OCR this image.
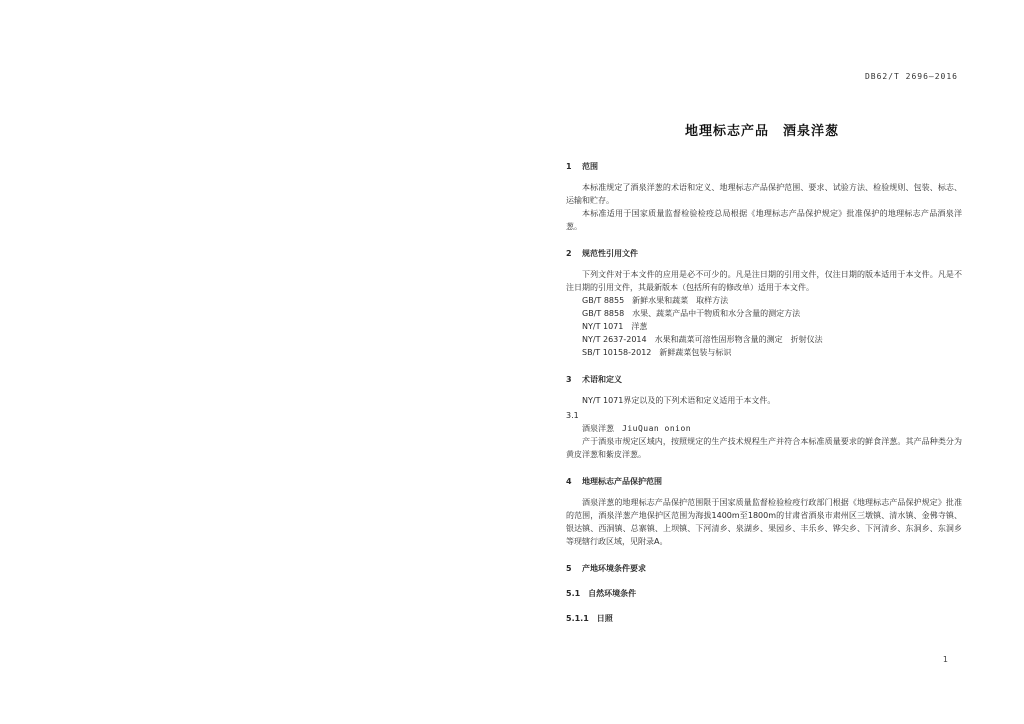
DB62/T 2696—2016
地理标志产品 酒泉洋葱
1 范围
本标准规定了酒泉洋葱的术语和定义、地理标志产品保护范围、要求、试验方法、检验规则、包装、标志、运输和贮存。
本标准适用于国家质量监督检验检疫总局根据《地理标志产品保护规定》批准保护的地理标志产品酒泉洋葱。
2 规范性引用文件
下列文件对于本文件的应用是必不可少的。凡是注日期的引用文件，仅注日期的版本适用于本文件。凡是不注日期的引用文件，其最新版本（包括所有的修改单）适用于本文件。
GB/T 8855 新鲜水果和蔬菜　取样方法
GB/T 8858 水果、蔬菜产品中干物质和水分含量的测定方法
NY/T 1071 洋葱
NY/T 2637-2014 水果和蔬菜可溶性固形物含量的测定　折射仪法
SB/T 10158-2012 新鲜蔬菜包装与标识
3 术语和定义
NY/T 1071界定以及的下列术语和定义适用于本文件。
3.1
酒泉洋葱 JiuQuan onion
产于酒泉市规定区域内，按照规定的生产技术规程生产并符合本标准质量要求的鲜食洋葱。其产品种类分为黄皮洋葱和紫皮洋葱。
4 地理标志产品保护范围
酒泉洋葱的地理标志产品保护范围限于国家质量监督检验检疫行政部门根据《地理标志产品保护规定》批准的范围，酒泉洋葱产地保护区范围为海拔1400m至1800m的甘肃省酒泉市肃州区三墩镇、清水镇、金佛寺镇、银达镇、西洞镇、总寨镇、上坝镇、下河清乡、泉湖乡、果园乡、丰乐乡、铧尖乡、下河清乡、东洞乡、东洞乡等现辖行政区域，见附录A。
5 产地环境条件要求
5.1 自然环境条件
5.1.1 日照
1
